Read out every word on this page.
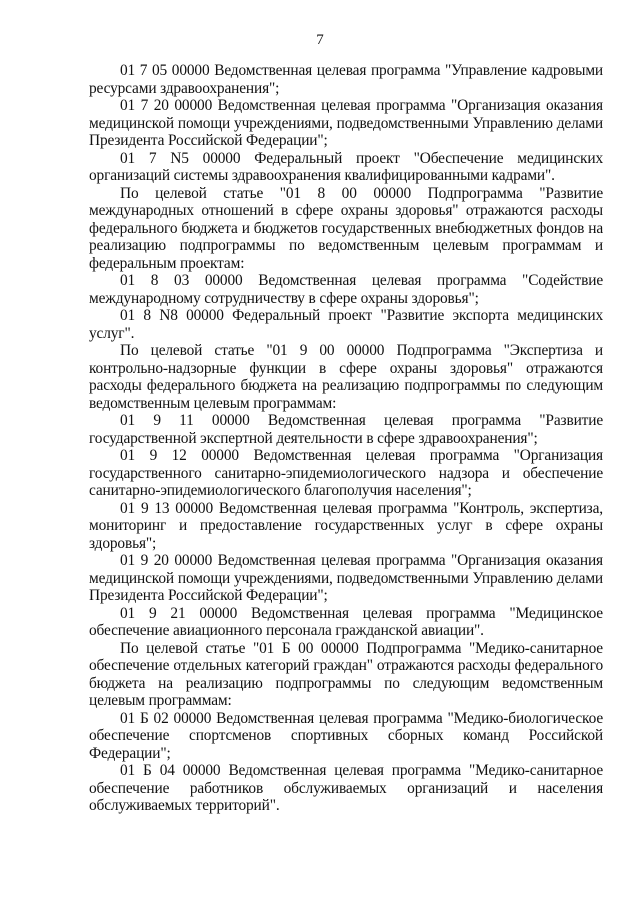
7

01 7 05 00000 Ведомственная целевая программа "Управление кадровыми ресурсами здравоохранения";

01 7 20 00000 Ведомственная целевая программа "Организация оказания медицинской помощи учреждениями, подведомственными Управлению делами Президента Российской Федерации";

01 7 N5 00000 Федеральный проект "Обеспечение медицинских организаций системы здравоохранения квалифицированными кадрами".

По целевой статье "01 8 00 00000 Подпрограмма "Развитие международных отношений в сфере охраны здоровья" отражаются расходы федерального бюджета и бюджетов государственных внебюджетных фондов на реализацию подпрограммы по ведомственным целевым программам и федеральным проектам:

01 8 03 00000 Ведомственная целевая программа "Содействие международному сотрудничеству в сфере охраны здоровья";

01 8 N8 00000 Федеральный проект "Развитие экспорта медицинских услуг".

По целевой статье "01 9 00 00000 Подпрограмма "Экспертиза и контрольно-надзорные функции в сфере охраны здоровья" отражаются расходы федерального бюджета на реализацию подпрограммы по следующим ведомственным целевым программам:

01 9 11 00000 Ведомственная целевая программа "Развитие государственной экспертной деятельности в сфере здравоохранения";

01 9 12 00000 Ведомственная целевая программа "Организация государственного санитарно-эпидемиологического надзора и обеспечение санитарно-эпидемиологического благополучия населения";

01 9 13 00000 Ведомственная целевая программа "Контроль, экспертиза, мониторинг и предоставление государственных услуг в сфере охраны здоровья";

01 9 20 00000 Ведомственная целевая программа "Организация оказания медицинской помощи учреждениями, подведомственными Управлению делами Президента Российской Федерации";

01 9 21 00000 Ведомственная целевая программа "Медицинское обеспечение авиационного персонала гражданской авиации".

По целевой статье "01 Б 00 00000 Подпрограмма "Медико-санитарное обеспечение отдельных категорий граждан" отражаются расходы федерального бюджета на реализацию подпрограммы по следующим ведомственным целевым программам:

01 Б 02 00000 Ведомственная целевая программа "Медико-биологическое обеспечение спортсменов спортивных сборных команд Российской Федерации";

01 Б 04 00000 Ведомственная целевая программа "Медико-санитарное обеспечение работников обслуживаемых организаций и населения обслуживаемых территорий".
